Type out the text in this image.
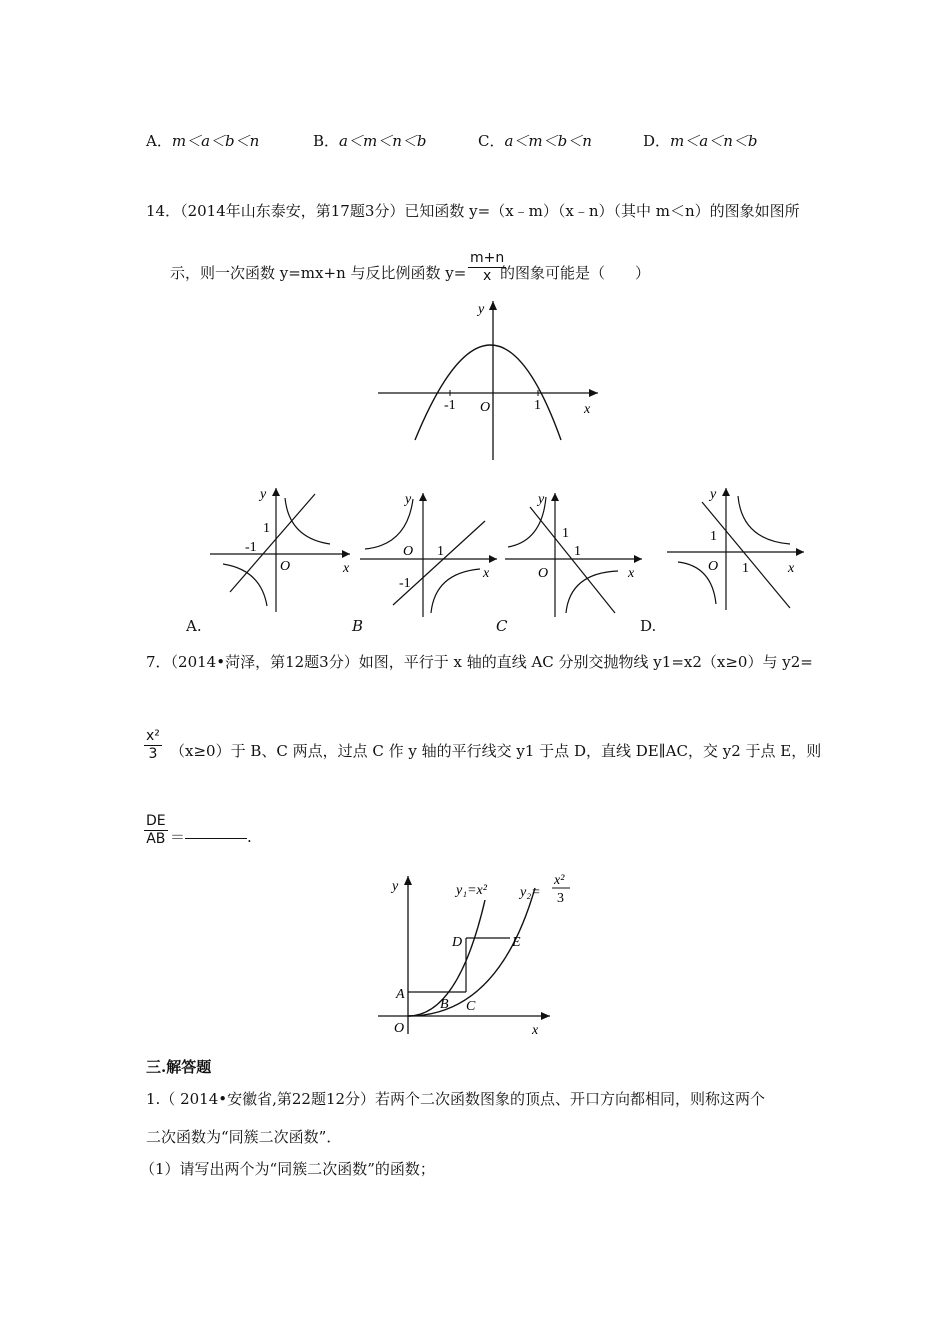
A．m＜a＜b＜n	B．a＜m＜n＜b	C．a＜m＜b＜n	D．m＜a＜n＜b
14．（2014年山东泰安，第17题3分）已知函数 y=（x﹣m）（x﹣n）（其中 m＜n）的图象如图所
示，则一次函数 y=mx+n 与反比例函数 $y= \frac{m+n}{x}$
的图象可能是（　　）
y
x
O
-1	1
y
x
O
1
-1
A.
y
x
O 1
-1
B
y
x
O
1
1
C
y
x
O
1
1
D.
7．（2014•菏泽，第12题3分）如图，平行于 x 轴的直线 AC 分别交抛物线 y1=x2（x≥0）与 y2=
$\frac{\text{x²}}{3} (x\ge 0)$于 B、C 两点，过点 C 作 y 轴的平行线交 y1 于点 D，直线 DE∥AC，交 y2 于点 E，则
$\frac{DE}{AB}$ ＝	.
y
x
O
y₁=x² y₂=
x²
3
A
B C
D	E
三.解答题
1.（ 2014•安徽省,第22题12分）若两个二次函数图象的顶点、开口方向都相同，则称这两个
二次函数为“同簇二次函数”．
（1）请写出两个为“同簇二次函数”的函数；
